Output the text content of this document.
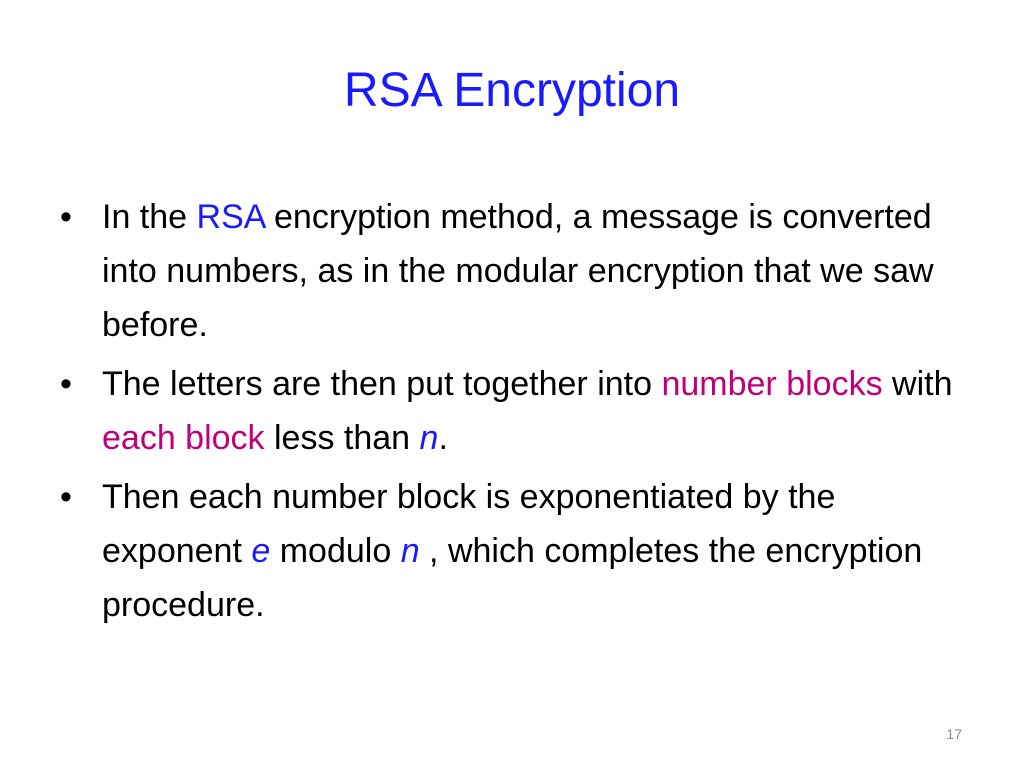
RSA Encryption
• In the RSA encryption method, a message is converted into numbers, as in the modular encryption that we saw before.
• The letters are then put together into number blocks with each block less than n.
• Then each number block is exponentiated by the exponent e modulo n , which completes the encryption procedure.
17
